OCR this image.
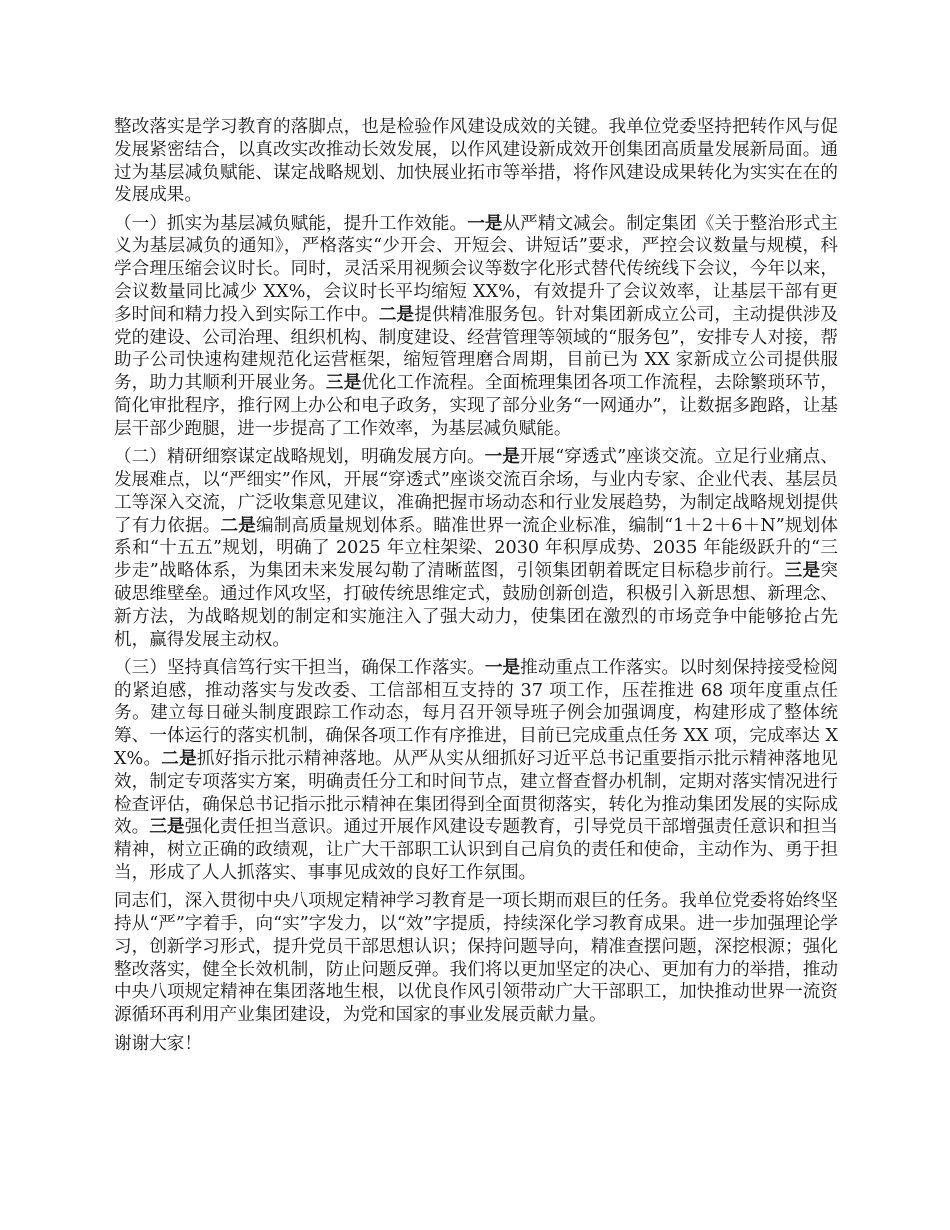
整改落实是学习教育的落脚点，也是检验作风建设成效的关键。我单位党委坚持把转作风与促发展紧密结合，以真改实改推动长效发展，以作风建设新成效开创集团高质量发展新局面。通过为基层减负赋能、谋定战略规划、加快展业拓市等举措，将作风建设成果转化为实实在在的发展成果。

（一）抓实为基层减负赋能，提升工作效能。一是从严精文减会。制定集团《关于整治形式主义为基层减负的通知》，严格落实“少开会、开短会、讲短话”要求，严控会议数量与规模，科学合理压缩会议时长。同时，灵活采用视频会议等数字化形式替代传统线下会议，今年以来，会议数量同比减少 XX%，会议时长平均缩短 XX%，有效提升了会议效率，让基层干部有更多时间和精力投入到实际工作中。二是提供精准服务包。针对集团新成立公司，主动提供涉及党的建设、公司治理、组织机构、制度建设、经营管理等领域的“服务包”，安排专人对接，帮助子公司快速构建规范化运营框架，缩短管理磨合周期，目前已为 XX 家新成立公司提供服务，助力其顺利开展业务。三是优化工作流程。全面梳理集团各项工作流程，去除繁琐环节，简化审批程序，推行网上办公和电子政务，实现了部分业务“一网通办”，让数据多跑路，让基层干部少跑腿，进一步提高了工作效率，为基层减负赋能。

（二）精研细察谋定战略规划，明确发展方向。一是开展“穿透式”座谈交流。立足行业痛点、发展难点，以“严细实”作风，开展“穿透式”座谈交流百余场，与业内专家、企业代表、基层员工等深入交流，广泛收集意见建议，准确把握市场动态和行业发展趋势，为制定战略规划提供了有力依据。二是编制高质量规划体系。瞄准世界一流企业标准，编制“1＋2＋6＋N”规划体系和“十五五”规划，明确了 2025 年立柱架梁、2030 年积厚成势、2035 年能级跃升的“三步走”战略体系，为集团未来发展勾勒了清晰蓝图，引领集团朝着既定目标稳步前行。三是突破思维壁垒。通过作风攻坚，打破传统思维定式，鼓励创新创造，积极引入新思想、新理念、新方法，为战略规划的制定和实施注入了强大动力，使集团在激烈的市场竞争中能够抢占先机，赢得发展主动权。

（三）坚持真信笃行实干担当，确保工作落实。一是推动重点工作落实。以时刻保持接受检阅的紧迫感，推动落实与发改委、工信部相互支持的 37 项工作，压茬推进 68 项年度重点任务。建立每日碰头制度跟踪工作动态，每月召开领导班子例会加强调度，构建形成了整体统筹、一体运行的落实机制，确保各项工作有序推进，目前已完成重点任务 XX 项，完成率达 XX%。二是抓好指示批示精神落地。从严从实从细抓好习近平总书记重要指示批示精神落地见效，制定专项落实方案，明确责任分工和时间节点，建立督查督办机制，定期对落实情况进行检查评估，确保总书记指示批示精神在集团得到全面贯彻落实，转化为推动集团发展的实际成效。三是强化责任担当意识。通过开展作风建设专题教育，引导党员干部增强责任意识和担当精神，树立正确的政绩观，让广大干部职工认识到自己肩负的责任和使命，主动作为、勇于担当，形成了人人抓落实、事事见成效的良好工作氛围。

同志们，深入贯彻中央八项规定精神学习教育是一项长期而艰巨的任务。我单位党委将始终坚持从“严”字着手，向“实”字发力，以“效”字提质，持续深化学习教育成果。进一步加强理论学习，创新学习形式，提升党员干部思想认识；保持问题导向，精准查摆问题，深挖根源；强化整改落实，健全长效机制，防止问题反弹。我们将以更加坚定的决心、更加有力的举措，推动中央八项规定精神在集团落地生根，以优良作风引领带动广大干部职工，加快推动世界一流资源循环再利用产业集团建设，为党和国家的事业发展贡献力量。

谢谢大家！
